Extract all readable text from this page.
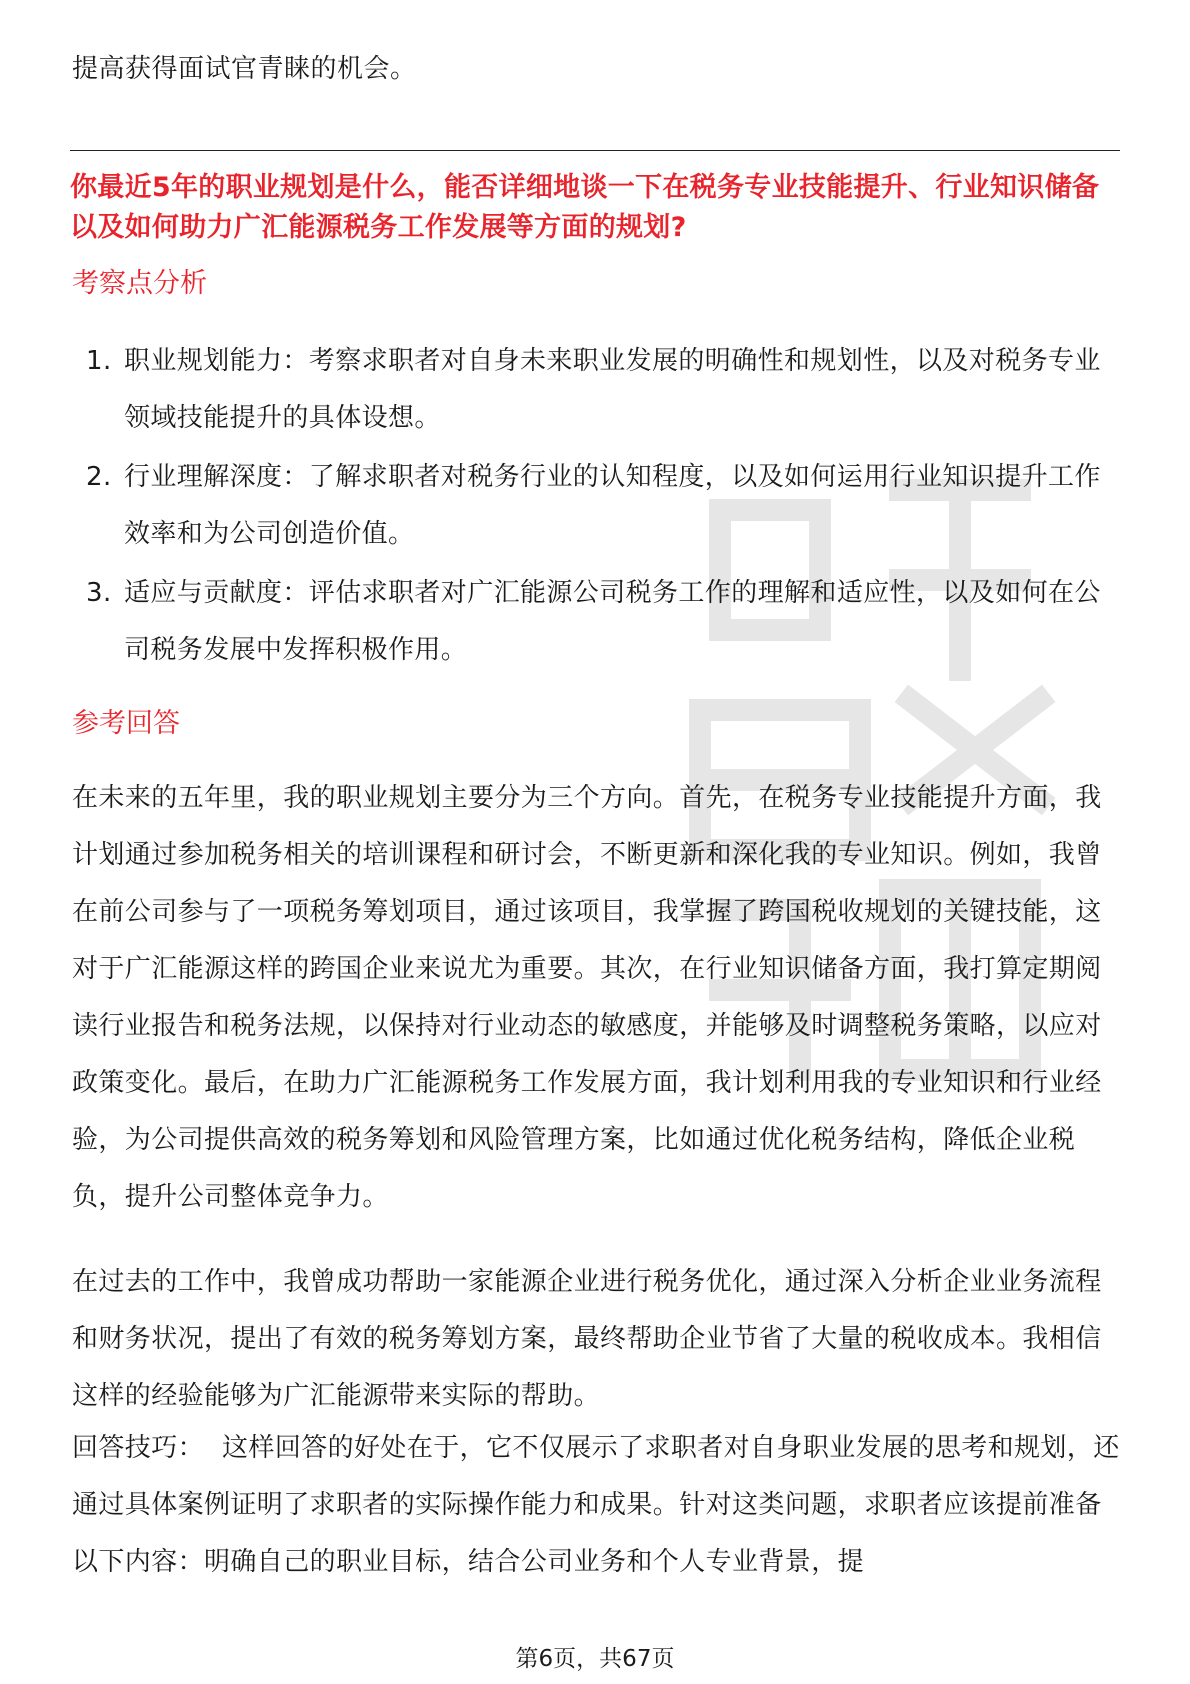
提高获得面试官青睐的机会。
你最近5年的职业规划是什么，能否详细地谈一下在税务专业技能提升、行业知识储备以及如何助力广汇能源税务工作发展等方面的规划?
考察点分析
1. 职业规划能力：考察求职者对自身未来职业发展的明确性和规划性，以及对税务专业领域技能提升的具体设想。
2. 行业理解深度：了解求职者对税务行业的认知程度，以及如何运用行业知识提升工作效率和为公司创造价值。
3. 适应与贡献度：评估求职者对广汇能源公司税务工作的理解和适应性，以及如何在公司税务发展中发挥积极作用。
参考回答

在未来的五年里，我的职业规划主要分为三个方向。首先，在税务专业技能提升方面，我计划通过参加税务相关的培训课程和研讨会，不断更新和深化我的专业知识。例如，我曾在前公司参与了一项税务筹划项目，通过该项目，我掌握了跨国税收规划的关键技能，这对于广汇能源这样的跨国企业来说尤为重要。其次，在行业知识储备方面，我打算定期阅读行业报告和税务法规，以保持对行业动态的敏感度，并能够及时调整税务策略，以应对政策变化。最后，在助力广汇能源税务工作发展方面，我计划利用我的专业知识和行业经验，为公司提供高效的税务筹划和风险管理方案，比如通过优化税务结构，降低企业税负，提升公司整体竞争力。

在过去的工作中，我曾成功帮助一家能源企业进行税务优化，通过深入分析企业业务流程和财务状况，提出了有效的税务筹划方案，最终帮助企业节省了大量的税收成本。我相信这样的经验能够为广汇能源带来实际的帮助。

回答技巧： 这样回答的好处在于，它不仅展示了求职者对自身职业发展的思考和规划，还通过具体案例证明了求职者的实际操作能力和成果。针对这类问题，求职者应该提前准备以下内容：明确自己的职业目标，结合公司业务和个人专业背景，提

第6页，共67页
